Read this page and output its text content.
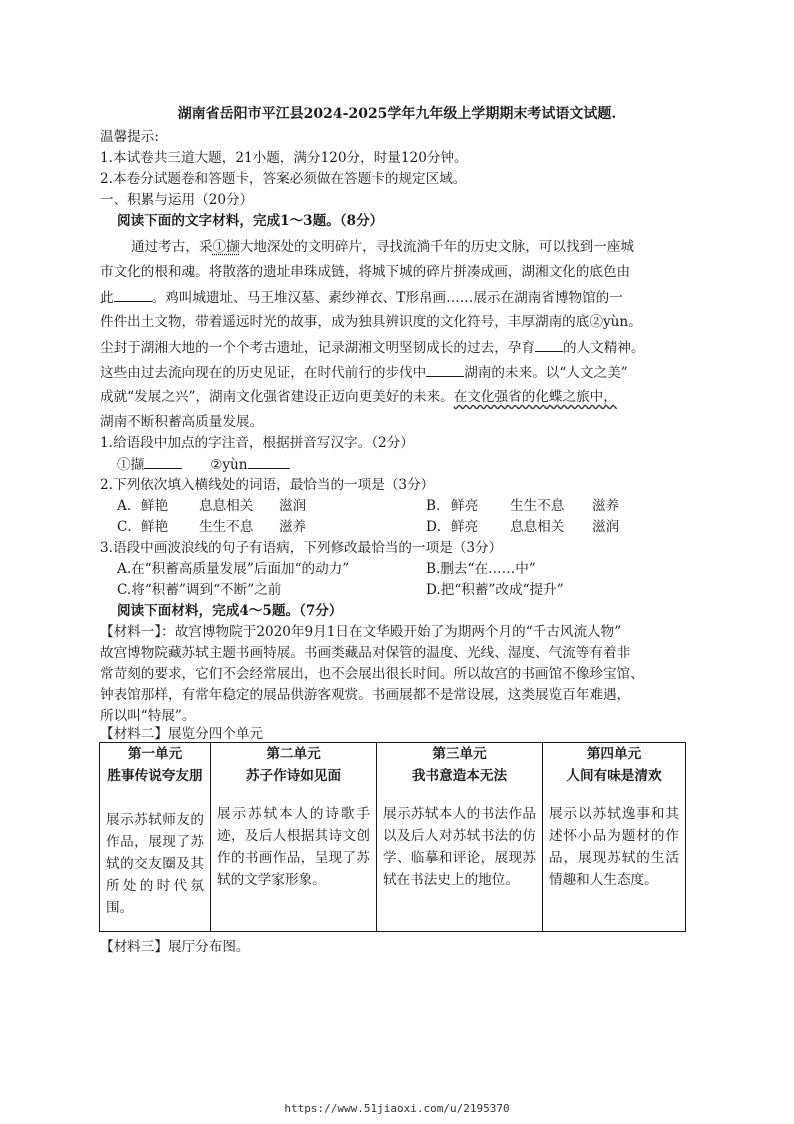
湖南省岳阳市平江县2024-2025学年九年级上学期期末考试语文试题.
温馨提示:
1.本试卷共三道大题，21小题，满分120分，时量120分钟。
2.本卷分试题卷和答题卡，答案必须做在答题卡的规定区域。
一、积累与运用（20分）
阅读下面的文字材料，完成1～3题。（8分）
通过考古，采①撷大地深处的文明碎片，寻找流淌千年的历史文脉，可以找到一座城
市文化的根和魂。将散落的遗址串珠成链，将城下城的碎片拼凑成画，湖湘文化的底色由
此	。鸡叫城遗址、马王堆汉墓、素纱禅衣、T形帛画……展示在湖南省博物馆的一
件件出土文物，带着遥远时光的故事，成为独具辨识度的文化符号，丰厚湖南的底②yùn。
尘封于湖湘大地的一个个考古遗址，记录湖湘文明坚韧成长的过去，孕育 的人文精神。
这些由过去流向现在的历史见证，在时代前行的步伐中	湖南的未来。以“人文之美”
成就“发展之兴”，湖南文化强省建设正迈向更美好的未来。在文化强省的化蝶之旅中，
湖南不断积蓄高质量发展。
1.给语段中加点的字注音，根据拼音写汉字。（2分）
①撷	②yùn
2.下列依次填入横线处的词语，最恰当的一项是（3分）
A． 鲜艳 息息相关 滋润	B． 鲜亮 生生不息 滋养
C． 鲜艳 生生不息 滋养	D． 鲜亮 息息相关 滋润
3.语段中画波浪线的句子有语病，下列修改最恰当的一项是（3分）
A.在“积蓄高质量发展”后面加“的动力”	B.删去“在……中”
C.将“积蓄”调到“不断”之前	D.把“积蓄”改成“提升”
阅读下面材料，完成4～5题。（7分）
【材料一】：故宫博物院于2020年9月1日在文华殿开始了为期两个月的“千古风流人物”
故宫博物院藏苏轼主题书画特展。书画类藏品对保管的温度、光线、湿度、气流等有着非
常苛刻的要求，它们不会经常展出，也不会展出很长时间。所以故宫的书画馆不像珍宝馆、
钟表馆那样，有常年稳定的展品供游客观赏。书画展都不是常设展，这类展览百年难遇，
所以叫“特展”。
【材料二】展览分四个单元
第一单元
胜事传说夸友朋
展示苏轼师友的作品，展现了苏轼的交友圈及其所处的时代氛围。

第二单元
苏子作诗如见面
展示苏轼本人的诗歌手迹，及后人根据其诗文创作的书画作品，呈现了苏轼的文学家形象。

第三单元
我书意造本无法
展示苏轼本人的书法作品以及后人对苏轼书法的仿学、临摹和评论，展现苏轼在书法史上的地位。

第四单元
人间有味是清欢
展示以苏轼逸事和其述怀小品为题材的作品，展现苏轼的生活情趣和人生态度。
【材料三】展厅分布图。
https://www.51jiaoxi.com/u/2195370
